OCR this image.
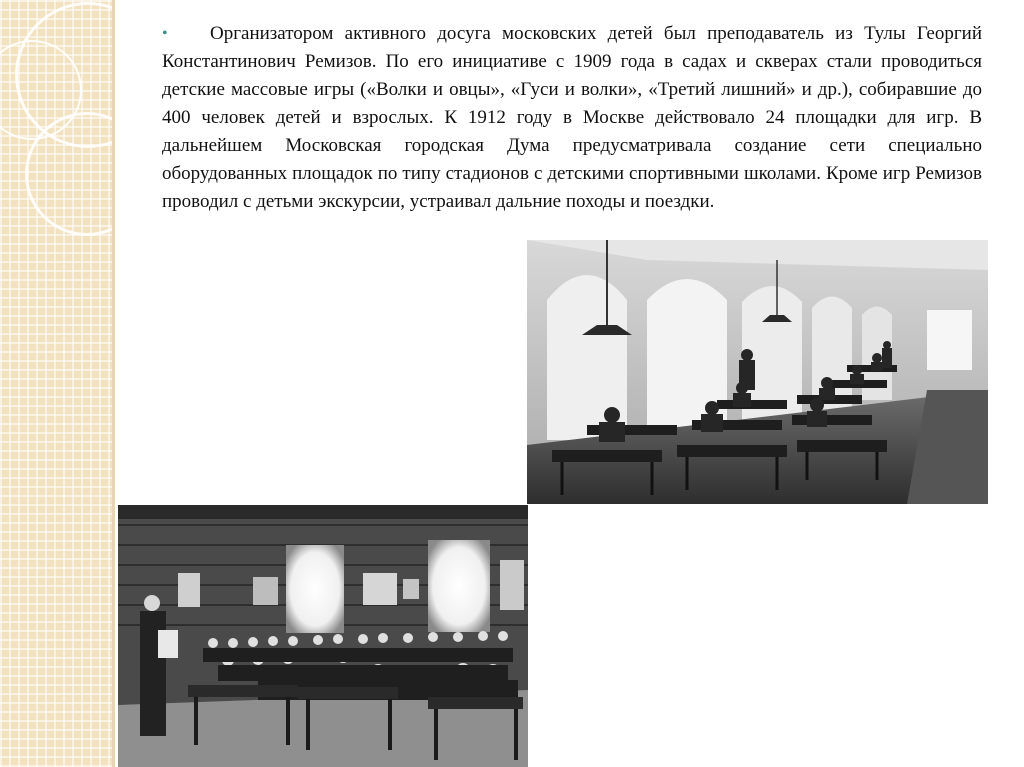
•	Организатором активного досуга московских детей был преподаватель из Тулы Георгий Константинович Ремизов. По его инициативе с 1909 года в садах и скверах стали проводиться детские массовые игры («Волки и овцы», «Гуси и волки», «Третий лишний» и др.), собиравшие до 400 человек детей и взрослых. К 1912 году в Москве действовало 24 площадки для игр. В дальнейшем Московская городская Дума предусматривала создание сети специально оборудованных площадок по типу стадионов с детскими спортивными школами. Кроме игр Ремизов проводил с детьми экскурсии, устраивал дальние походы и поездки.
